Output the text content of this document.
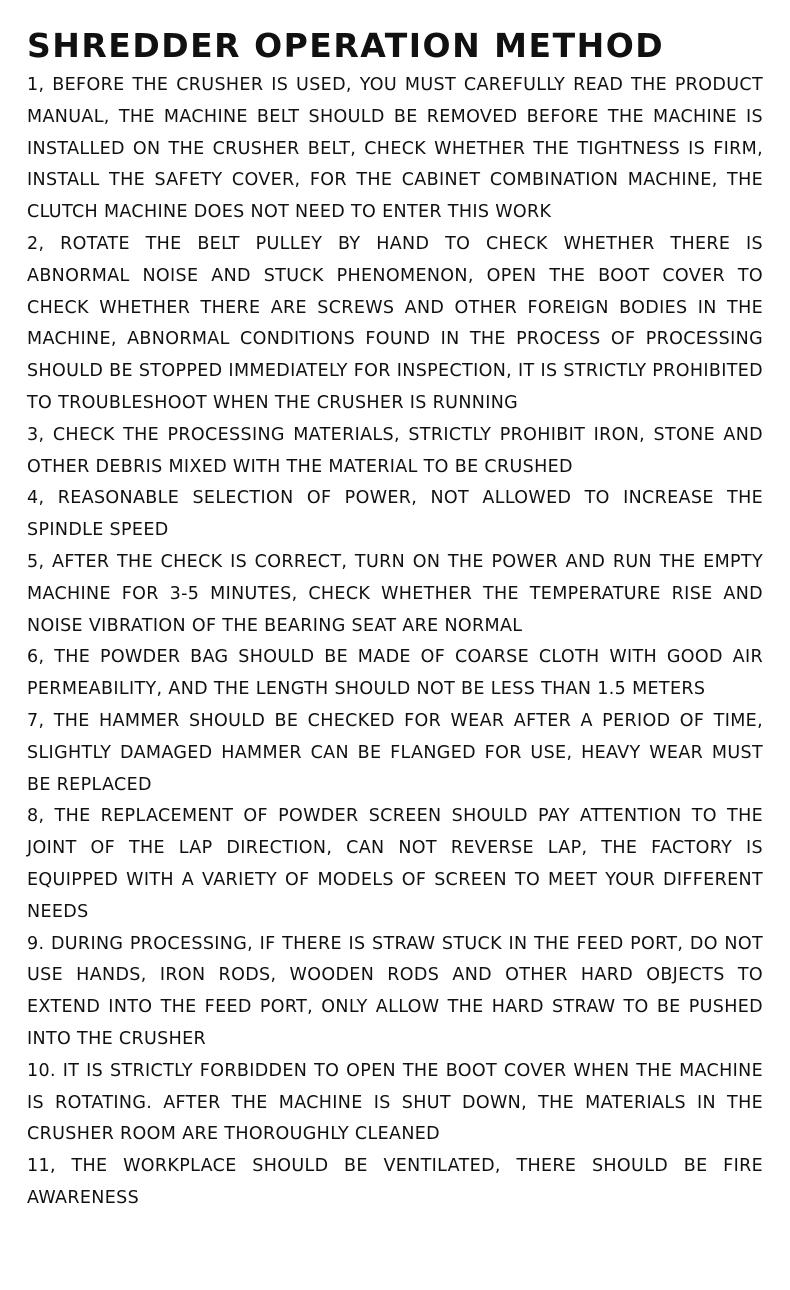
SHREDDER OPERATION METHOD
1, BEFORE THE CRUSHER IS USED, YOU MUST CAREFULLY READ THE PRODUCT MANUAL, THE MACHINE BELT SHOULD BE REMOVED BEFORE THE MACHINE IS INSTALLED ON THE CRUSHER BELT, CHECK WHETHER THE TIGHTNESS IS FIRM, INSTALL THE SAFETY COVER, FOR THE CABINET COMBINATION MACHINE, THE CLUTCH MACHINE DOES NOT NEED TO ENTER THIS WORK
2, ROTATE THE BELT PULLEY BY HAND TO CHECK WHETHER THERE IS ABNORMAL NOISE AND STUCK PHENOMENON, OPEN THE BOOT COVER TO CHECK WHETHER THERE ARE SCREWS AND OTHER FOREIGN BODIES IN THE MACHINE, ABNORMAL CONDITIONS FOUND IN THE PROCESS OF PROCESSING SHOULD BE STOPPED IMMEDIATELY FOR INSPECTION, IT IS STRICTLY PROHIBITED TO TROUBLESHOOT WHEN THE CRUSHER IS RUNNING
3, CHECK THE PROCESSING MATERIALS, STRICTLY PROHIBIT IRON, STONE AND OTHER DEBRIS MIXED WITH THE MATERIAL TO BE CRUSHED
4, REASONABLE SELECTION OF POWER, NOT ALLOWED TO INCREASE THE SPINDLE SPEED
5, AFTER THE CHECK IS CORRECT, TURN ON THE POWER AND RUN THE EMPTY MACHINE FOR 3-5 MINUTES, CHECK WHETHER THE TEMPERATURE RISE AND NOISE VIBRATION OF THE BEARING SEAT ARE NORMAL
6, THE POWDER BAG SHOULD BE MADE OF COARSE CLOTH WITH GOOD AIR PERMEABILITY, AND THE LENGTH SHOULD NOT BE LESS THAN 1.5 METERS
7, THE HAMMER SHOULD BE CHECKED FOR WEAR AFTER A PERIOD OF TIME, SLIGHTLY DAMAGED HAMMER CAN BE FLANGED FOR USE, HEAVY WEAR MUST BE REPLACED
8, THE REPLACEMENT OF POWDER SCREEN SHOULD PAY ATTENTION TO THE JOINT OF THE LAP DIRECTION, CAN NOT REVERSE LAP, THE FACTORY IS EQUIPPED WITH A VARIETY OF MODELS OF SCREEN TO MEET YOUR DIFFERENT NEEDS
9. DURING PROCESSING, IF THERE IS STRAW STUCK IN THE FEED PORT, DO NOT USE HANDS, IRON RODS, WOODEN RODS AND OTHER HARD OBJECTS TO EXTEND INTO THE FEED PORT, ONLY ALLOW THE HARD STRAW TO BE PUSHED INTO THE CRUSHER
10. IT IS STRICTLY FORBIDDEN TO OPEN THE BOOT COVER WHEN THE MACHINE IS ROTATING. AFTER THE MACHINE IS SHUT DOWN, THE MATERIALS IN THE CRUSHER ROOM ARE THOROUGHLY CLEANED
11, THE WORKPLACE SHOULD BE VENTILATED, THERE SHOULD BE FIRE AWARENESS
